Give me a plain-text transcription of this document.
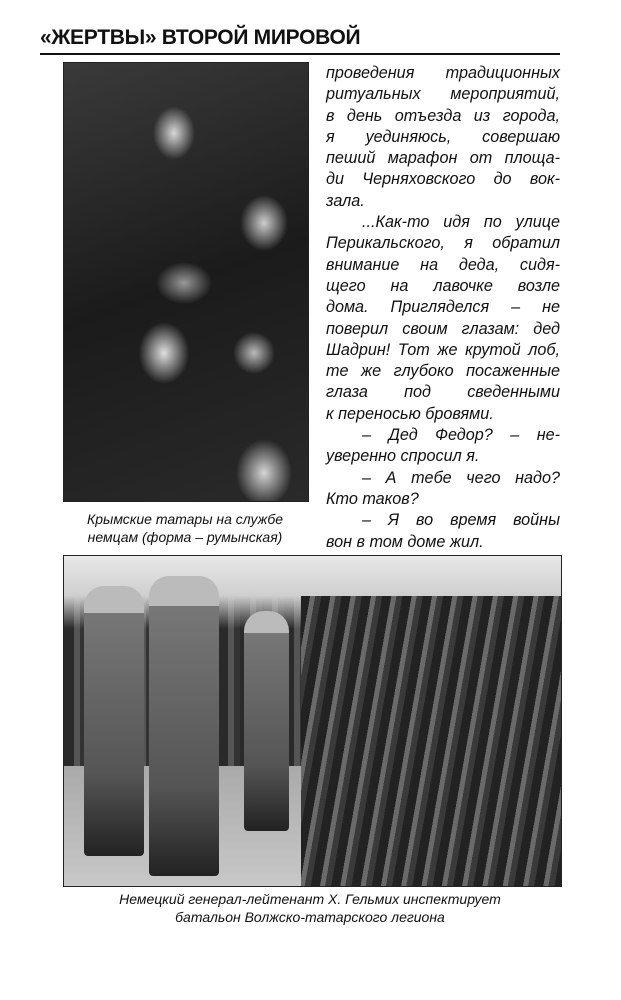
«ЖЕРТВЫ» ВТОРОЙ МИРОВОЙ
Крымские татары на службе
немцам (форма – румынская)
проведения традиционных
ритуальных мероприятий,
в день отъезда из города,
я уединяюсь, совершаю
пеший марафон от площа-
ди Черняховского до вок-
зала.
...Как-то идя по улице
Перикальского, я обратил
внимание на деда, сидя-
щего на лавочке возле
дома. Пригляделся – не
поверил своим глазам: дед
Шадрин! Тот же крутой лоб,
те же глубоко посаженные
глаза под сведенными
к переносью бровями.
– Дед Федор? – не-
уверенно спросил я.
– А тебе чего надо?
Кто таков?
– Я во время войны
вон в том доме жил.
Немецкий генерал-лейтенант Х. Гельмих инспектирует
батальон Волжско-татарского легиона
